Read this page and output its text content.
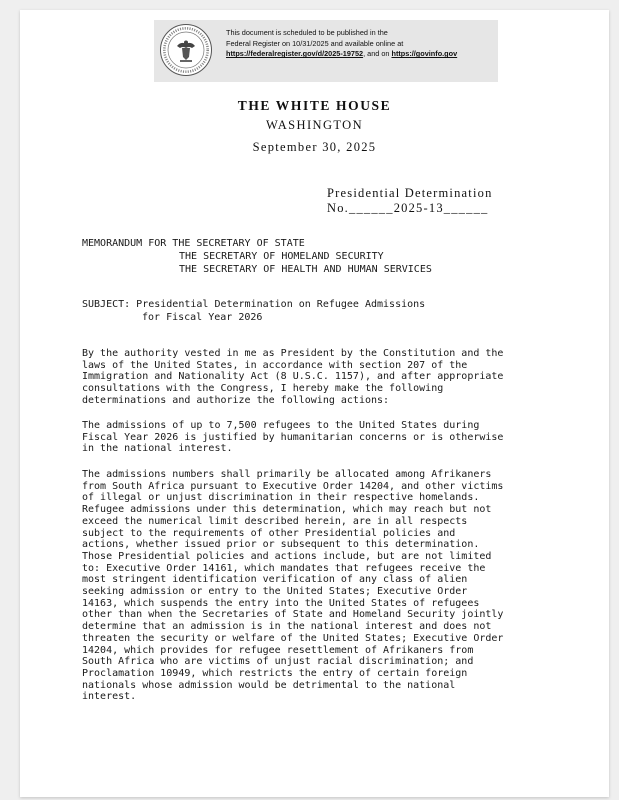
This document is scheduled to be published in the
Federal Register on 10/31/2025 and available online at
https://federalregister.gov/d/2025-19752, and on https://govinfo.gov
THE WHITE HOUSE
WASHINGTON
September 30, 2025
Presidential Determination
No.______2025-13______
MEMORANDUM FOR THE SECRETARY OF STATE
THE SECRETARY OF HOMELAND SECURITY
THE SECRETARY OF HEALTH AND HUMAN SERVICES
SUBJECT: Presidential Determination on Refugee Admissions
for Fiscal Year 2026
By the authority vested in me as President by the Constitution and the
laws of the United States, in accordance with section 207 of the
Immigration and Nationality Act (8 U.S.C. 1157), and after appropriate
consultations with the Congress, I hereby make the following
determinations and authorize the following actions:
The admissions of up to 7,500 refugees to the United States during
Fiscal Year 2026 is justified by humanitarian concerns or is otherwise
in the national interest.
The admissions numbers shall primarily be allocated among Afrikaners
from South Africa pursuant to Executive Order 14204, and other victims
of illegal or unjust discrimination in their respective homelands.
Refugee admissions under this determination, which may reach but not
exceed the numerical limit described herein, are in all respects
subject to the requirements of other Presidential policies and
actions, whether issued prior or subsequent to this determination.
Those Presidential policies and actions include, but are not limited
to: Executive Order 14161, which mandates that refugees receive the
most stringent identification verification of any class of alien
seeking admission or entry to the United States; Executive Order
14163, which suspends the entry into the United States of refugees
other than when the Secretaries of State and Homeland Security jointly
determine that an admission is in the national interest and does not
threaten the security or welfare of the United States; Executive Order
14204, which provides for refugee resettlement of Afrikaners from
South Africa who are victims of unjust racial discrimination; and
Proclamation 10949, which restricts the entry of certain foreign
nationals whose admission would be detrimental to the national
interest.
